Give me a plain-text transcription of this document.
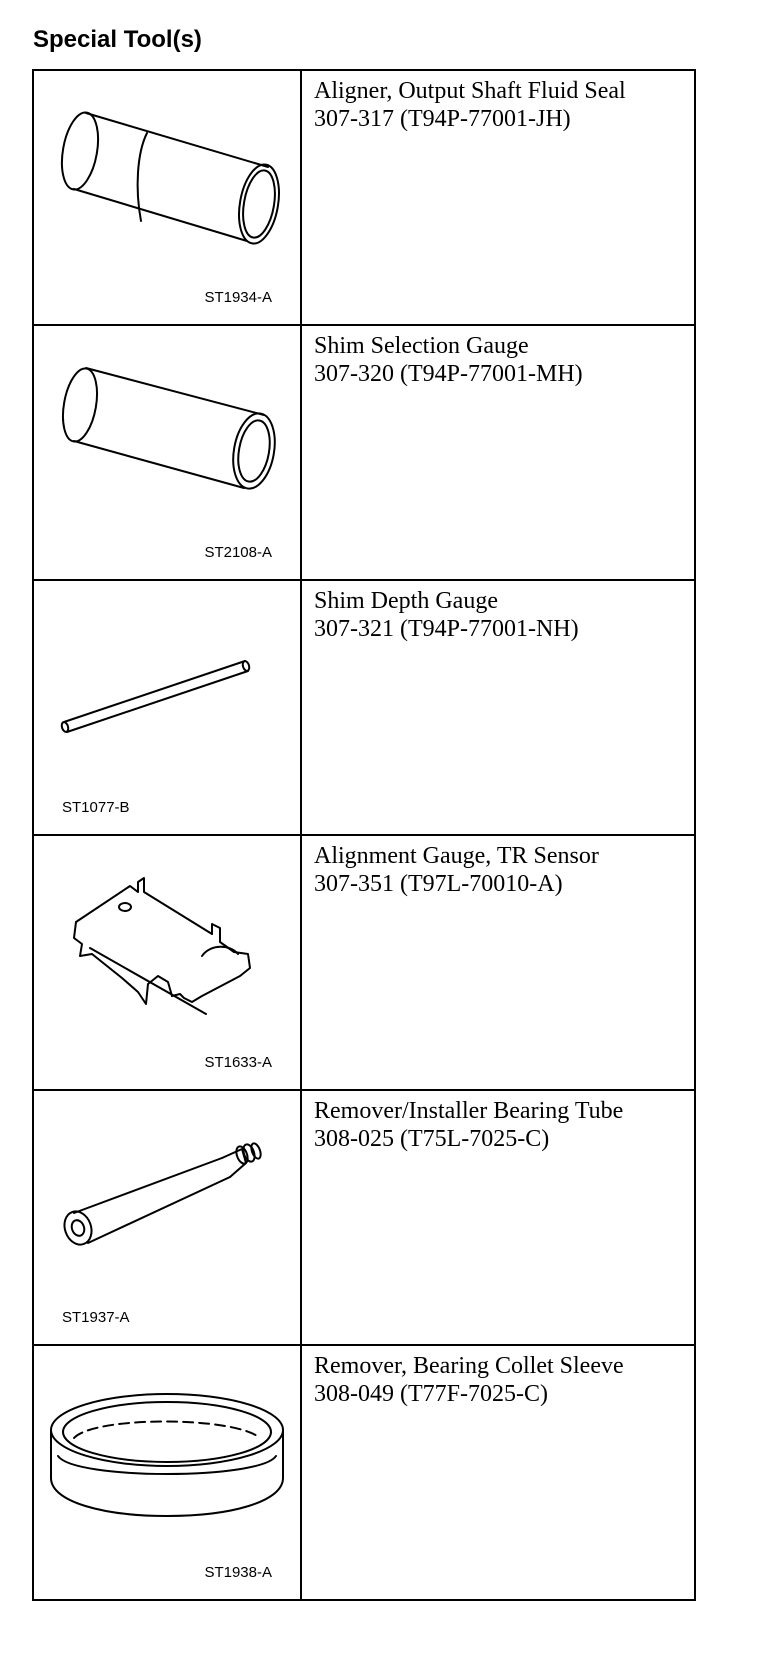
Special Tool(s)
ST1934-A	Aligner, Output Shaft Fluid Seal
307-317 (T94P-77001-JH)

ST2108-A	Shim Selection Gauge
307-320 (T94P-77001-MH)

ST1077-B	Shim Depth Gauge
307-321 (T94P-77001-NH)

ST1633-A	Alignment Gauge, TR Sensor
307-351 (T97L-70010-A)

ST1937-A	Remover/Installer Bearing Tube
308-025 (T75L-7025-C)

ST1938-A	Remover, Bearing Collet Sleeve
308-049 (T77F-7025-C)
